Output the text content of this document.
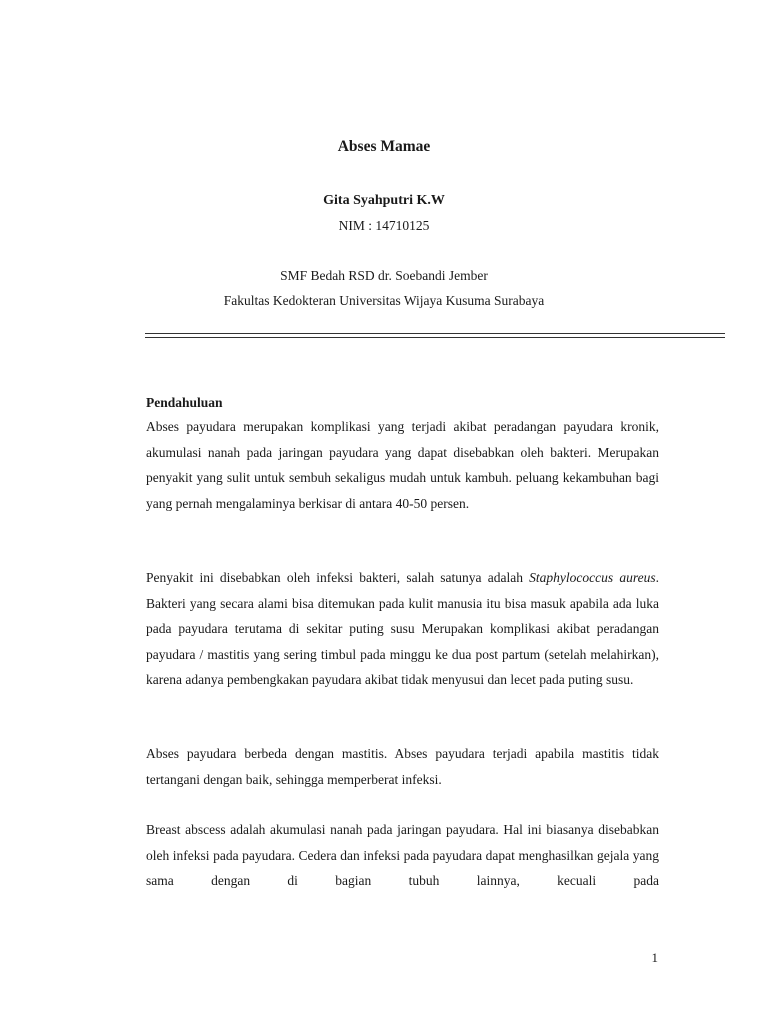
Abses Mamae
Gita Syahputri K.W
NIM : 14710125
SMF Bedah RSD dr. Soebandi Jember
Fakultas Kedokteran Universitas Wijaya Kusuma Surabaya
Pendahuluan

Abses payudara merupakan komplikasi yang terjadi akibat peradangan payudara kronik, akumulasi nanah pada jaringan payudara yang dapat disebabkan oleh bakteri. Merupakan penyakit yang sulit untuk sembuh sekaligus mudah untuk kambuh. peluang kekambuhan bagi yang pernah mengalaminya berkisar di antara 40-50 persen.

Penyakit ini disebabkan oleh infeksi bakteri, salah satunya adalah Staphylococcus aureus. Bakteri yang secara alami bisa ditemukan pada kulit manusia itu bisa masuk apabila ada luka pada payudara terutama di sekitar puting susu Merupakan komplikasi akibat peradangan payudara / mastitis yang sering timbul pada minggu ke dua post partum (setelah melahirkan), karena adanya pembengkakan payudara akibat tidak menyusui dan lecet pada puting susu.

Abses payudara berbeda dengan mastitis. Abses payudara terjadi apabila mastitis tidak tertangani dengan baik, sehingga memperberat infeksi.

Breast abscess adalah akumulasi nanah pada jaringan payudara. Hal ini biasanya disebabkan oleh infeksi pada payudara. Cedera dan infeksi pada payudara dapat menghasilkan gejala yang sama dengan di bagian tubuh lainnya, kecuali pada

1
